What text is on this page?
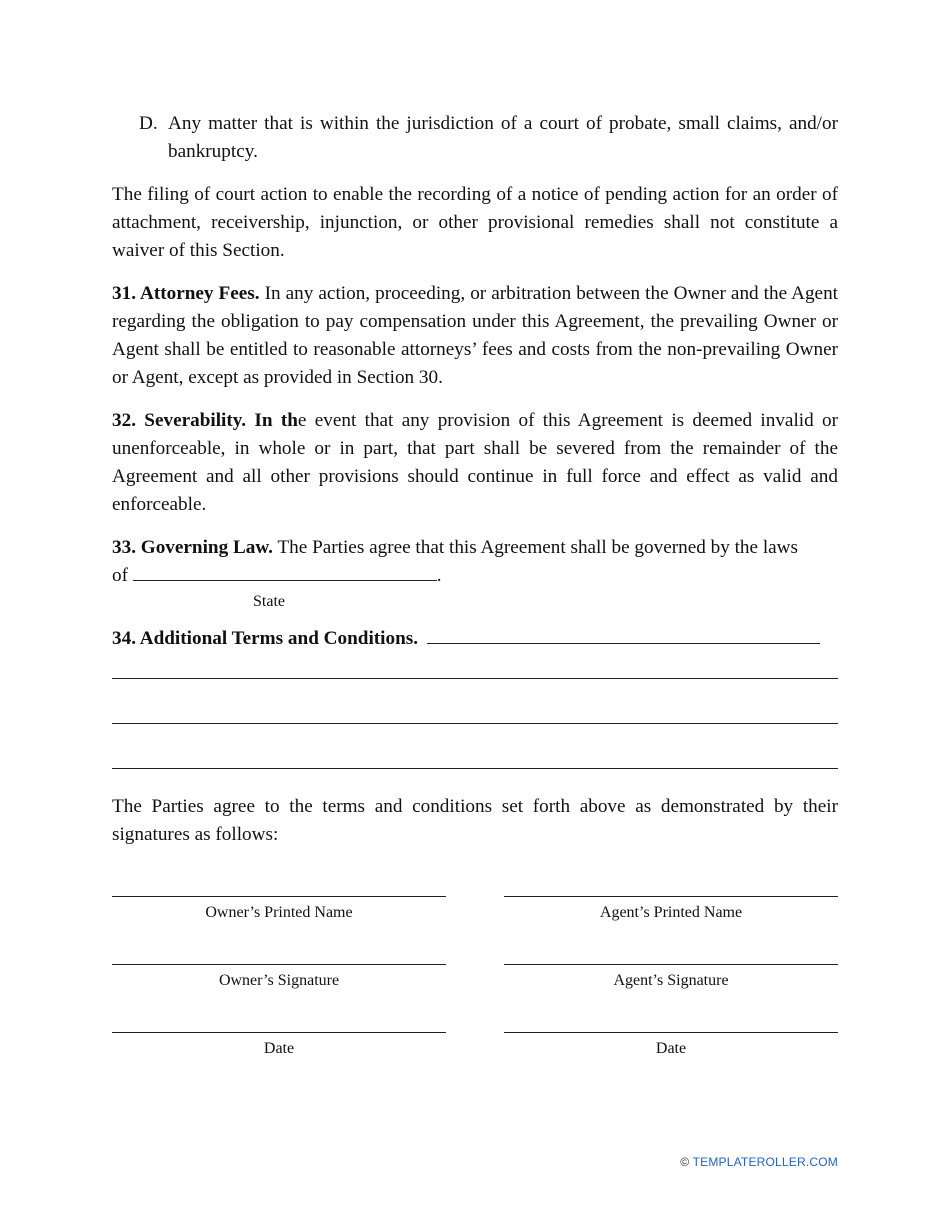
D. Any matter that is within the jurisdiction of a court of probate, small claims, and/or bankruptcy.

The filing of court action to enable the recording of a notice of pending action for an order of attachment, receivership, injunction, or other provisional remedies shall not constitute a waiver of this Section.

31. Attorney Fees. In any action, proceeding, or arbitration between the Owner and the Agent regarding the obligation to pay compensation under this Agreement, the prevailing Owner or Agent shall be entitled to reasonable attorneys’ fees and costs from the non-prevailing Owner or Agent, except as provided in Section 30.

32. Severability. In the event that any provision of this Agreement is deemed invalid or unenforceable, in whole or in part, that part shall be severed from the remainder of the Agreement and all other provisions should continue in full force and effect as valid and enforceable.

33. Governing Law. The Parties agree that this Agreement shall be governed by the laws

of	.

State

34. Additional Terms and Conditions.

The Parties agree to the terms and conditions set forth above as demonstrated by their signatures as follows:

Owner’s Printed Name	Agent’s Printed Name
Owner’s Signature	Agent’s Signature
Date	Date
© TEMPLATEROLLER.COM
